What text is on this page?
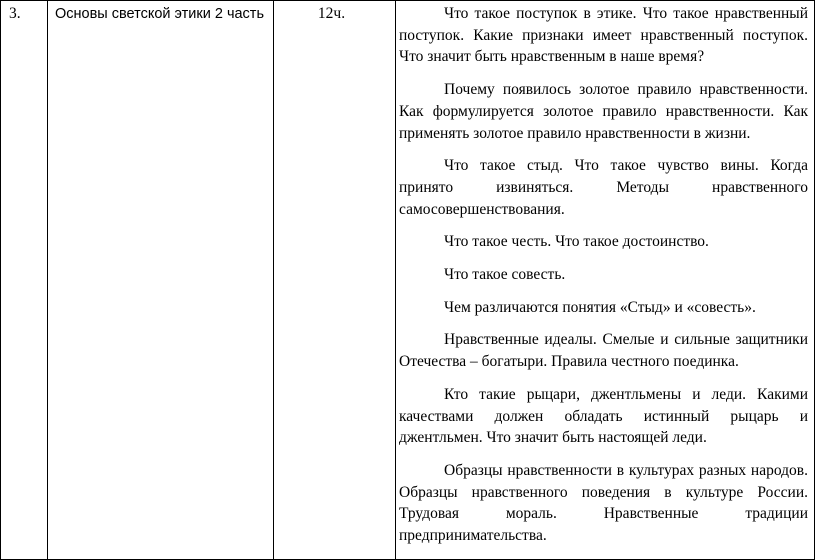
3.	Основы светской этики 2 часть	12ч.	Что такое поступок в этике. Что такое нравственный поступок. Какие признаки имеет нравственный поступок. Что значит быть нравственным в наше время?

Почему появилось золотое правило нравственности. Как формулируется золотое правило нравственности. Как применять золотое правило нравственности в жизни.

Что такое стыд. Что такое чувство вины. Когда принято извиняться. Методы нравственного самосовершенствования.

Что такое честь. Что такое достоинство.

Что такое совесть.

Чем различаются понятия «Стыд» и «совесть».

Нравственные идеалы. Смелые и сильные защитники Отечества – богатыри. Правила честного поединка.

Кто такие рыцари, джентльмены и леди. Какими качествами должен обладать истинный рыцарь и джентльмен. Что значит быть настоящей леди.

Образцы нравственности в культурах разных народов. Образцы нравственного поведения в культуре России. Трудовая мораль. Нравственные традиции предпринимательства.
